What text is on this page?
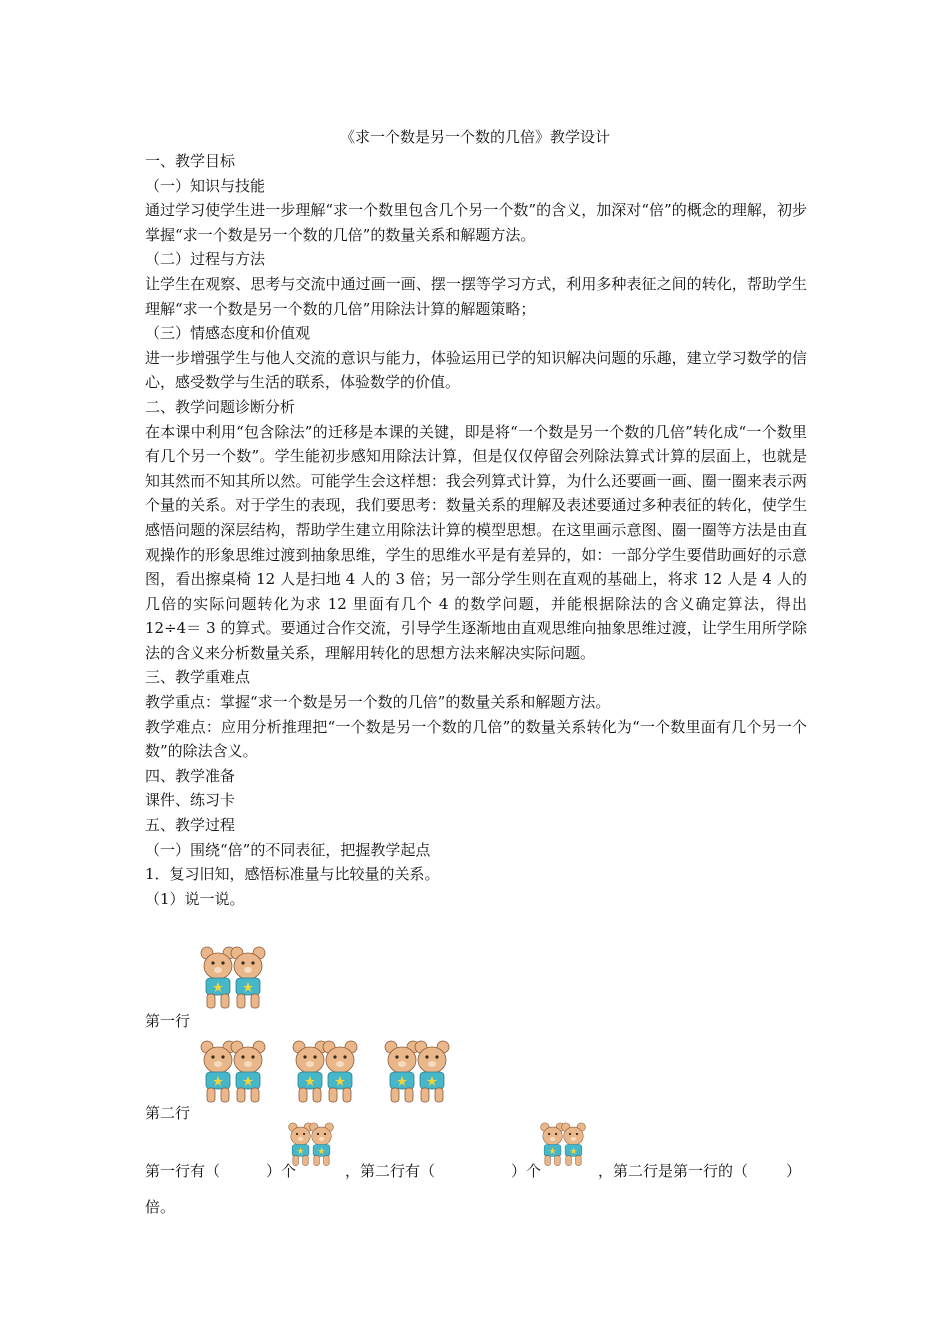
《求一个数是另一个数的几倍》教学设计

一、教学目标

（一）知识与技能

通过学习使学生进一步理解“求一个数里包含几个另一个数”的含义，加深对“倍”的概念的理解，初步掌握“求一个数是另一个数的几倍”的数量关系和解题方法。

（二）过程与方法

让学生在观察、思考与交流中通过画一画、摆一摆等学习方式，利用多种表征之间的转化，帮助学生理解“求一个数是另一个数的几倍”用除法计算的解题策略；

（三）情感态度和价值观

进一步增强学生与他人交流的意识与能力，体验运用已学的知识解决问题的乐趣，建立学习数学的信心，感受数学与生活的联系，体验数学的价值。

二、教学问题诊断分析

在本课中利用“包含除法”的迁移是本课的关键，即是将“一个数是另一个数的几倍”转化成“一个数里有几个另一个数”。学生能初步感知用除法计算，但是仅仅停留会列除法算式计算的层面上，也就是知其然而不知其所以然。可能学生会这样想：我会列算式计算，为什么还要画一画、圈一圈来表示两个量的关系。对于学生的表现，我们要思考：数量关系的理解及表述要通过多种表征的转化，使学生感悟问题的深层结构，帮助学生建立用除法计算的模型思想。在这里画示意图、圈一圈等方法是由直观操作的形象思维过渡到抽象思维，学生的思维水平是有差异的，如：一部分学生要借助画好的示意图，看出擦桌椅 12 人是扫地 4 人的 3 倍；另一部分学生则在直观的基础上，将求 12 人是 4 人的几倍的实际问题转化为求 12 里面有几个 4 的数学问题，并能根据除法的含义确定算法，得出 12÷4＝ 3 的算式。要通过合作交流，引导学生逐渐地由直观思维向抽象思维过渡，让学生用所学除法的含义来分析数量关系，理解用转化的思想方法来解决实际问题。

三、教学重难点

教学重点：掌握“求一个数是另一个数的几倍”的数量关系和解题方法。

教学难点：应用分析推理把“一个数是另一个数的几倍”的数量关系转化为“一个数里面有几个另一个数”的除法含义。

四、教学准备

课件、练习卡

五、教学过程

（一）围绕“倍”的不同表征，把握教学起点

1．复习旧知，感悟标准量与比较量的关系。

（1）说一说。

第一行
第二行
第一行有（	）个	，第二行有（	）个	，第二行是第一行的（	）
倍。
